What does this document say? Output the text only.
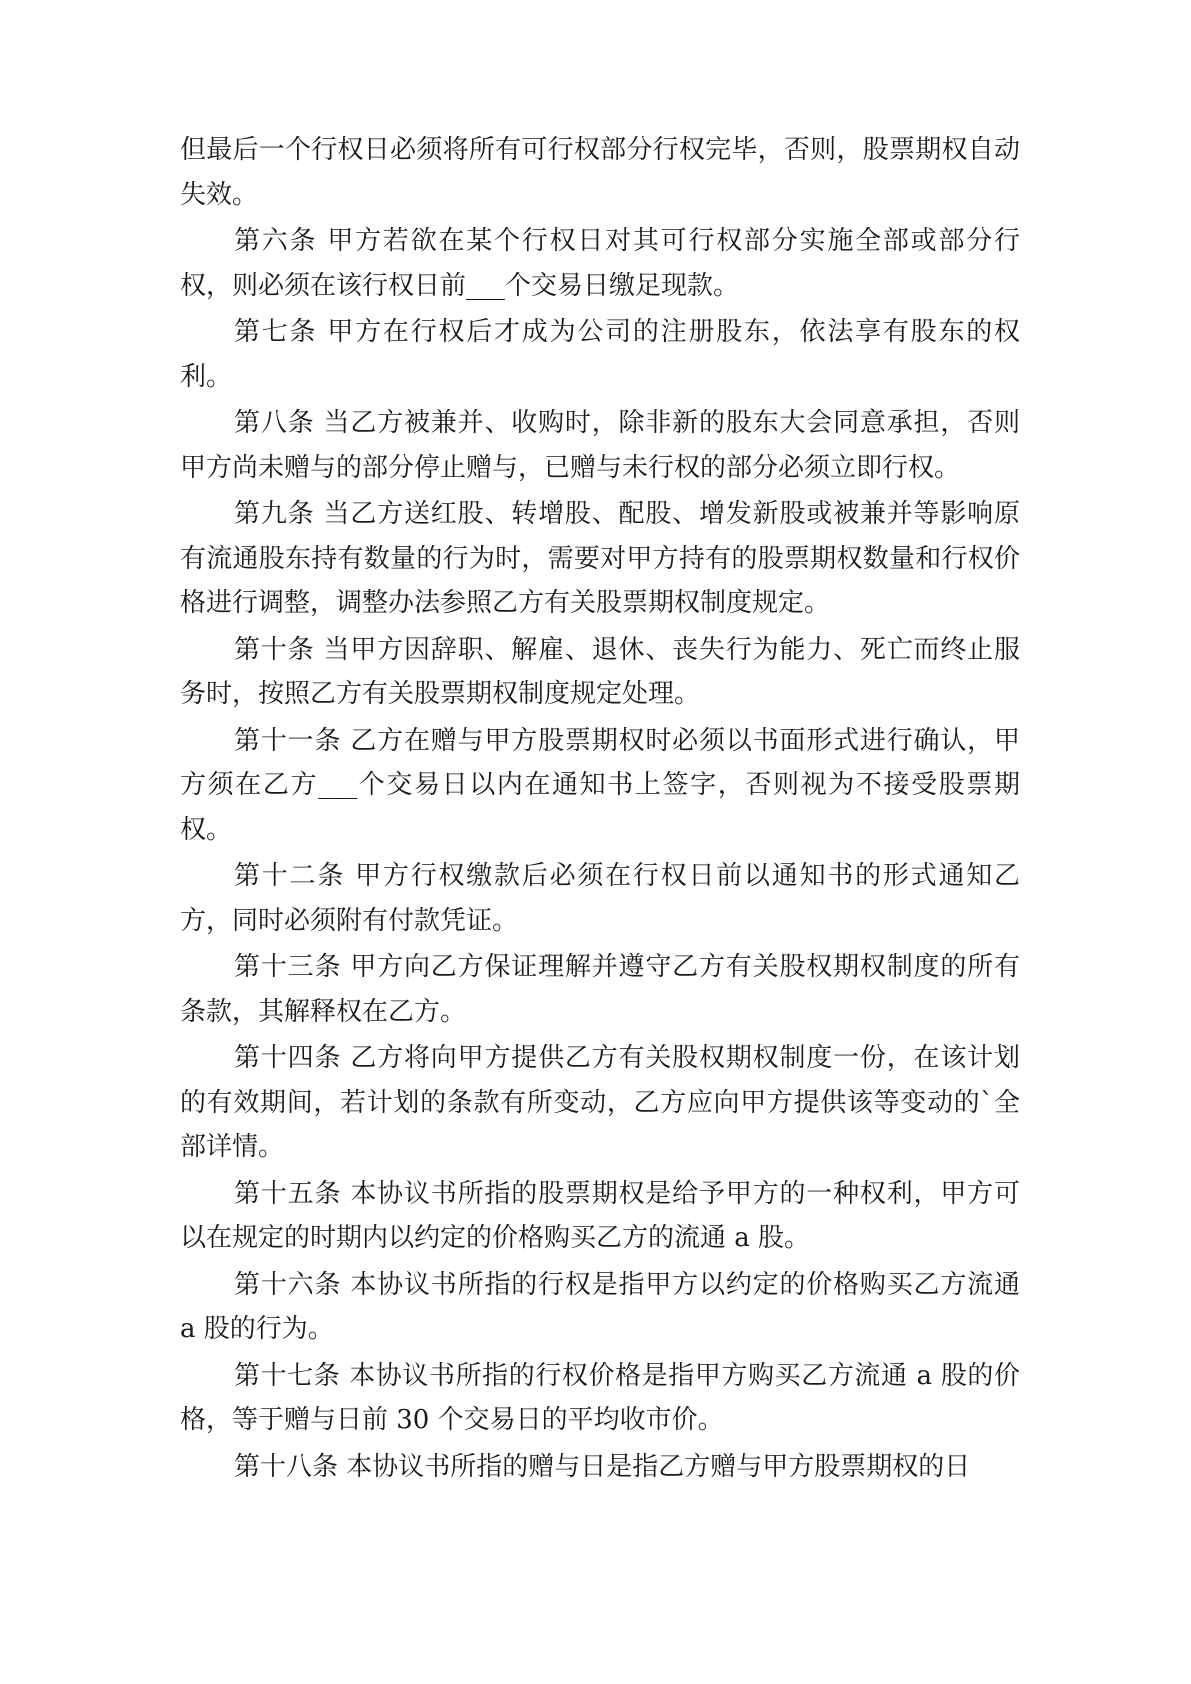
但最后一个行权日必须将所有可行权部分行权完毕，否则，股票期权自动失效。

第六条 甲方若欲在某个行权日对其可行权部分实施全部或部分行权，则必须在该行权日前___个交易日缴足现款。

第七条 甲方在行权后才成为公司的注册股东，依法享有股东的权利。

第八条 当乙方被兼并、收购时，除非新的股东大会同意承担，否则甲方尚未赠与的部分停止赠与，已赠与未行权的部分必须立即行权。

第九条 当乙方送红股、转增股、配股、增发新股或被兼并等影响原有流通股东持有数量的行为时，需要对甲方持有的股票期权数量和行权价格进行调整，调整办法参照乙方有关股票期权制度规定。

第十条 当甲方因辞职、解雇、退休、丧失行为能力、死亡而终止服务时，按照乙方有关股票期权制度规定处理。

第十一条 乙方在赠与甲方股票期权时必须以书面形式进行确认，甲方须在乙方___个交易日以内在通知书上签字，否则视为不接受股票期权。

第十二条 甲方行权缴款后必须在行权日前以通知书的形式通知乙方，同时必须附有付款凭证。

第十三条 甲方向乙方保证理解并遵守乙方有关股权期权制度的所有条款，其解释权在乙方。

第十四条 乙方将向甲方提供乙方有关股权期权制度一份，在该计划的有效期间，若计划的条款有所变动，乙方应向甲方提供该等变动的`全部详情。

第十五条 本协议书所指的股票期权是给予甲方的一种权利，甲方可以在规定的时期内以约定的价格购买乙方的流通 a 股。

第十六条 本协议书所指的行权是指甲方以约定的价格购买乙方流通 a 股的行为。

第十七条 本协议书所指的行权价格是指甲方购买乙方流通 a 股的价格，等于赠与日前 30 个交易日的平均收市价。

第十八条 本协议书所指的赠与日是指乙方赠与甲方股票期权的日
